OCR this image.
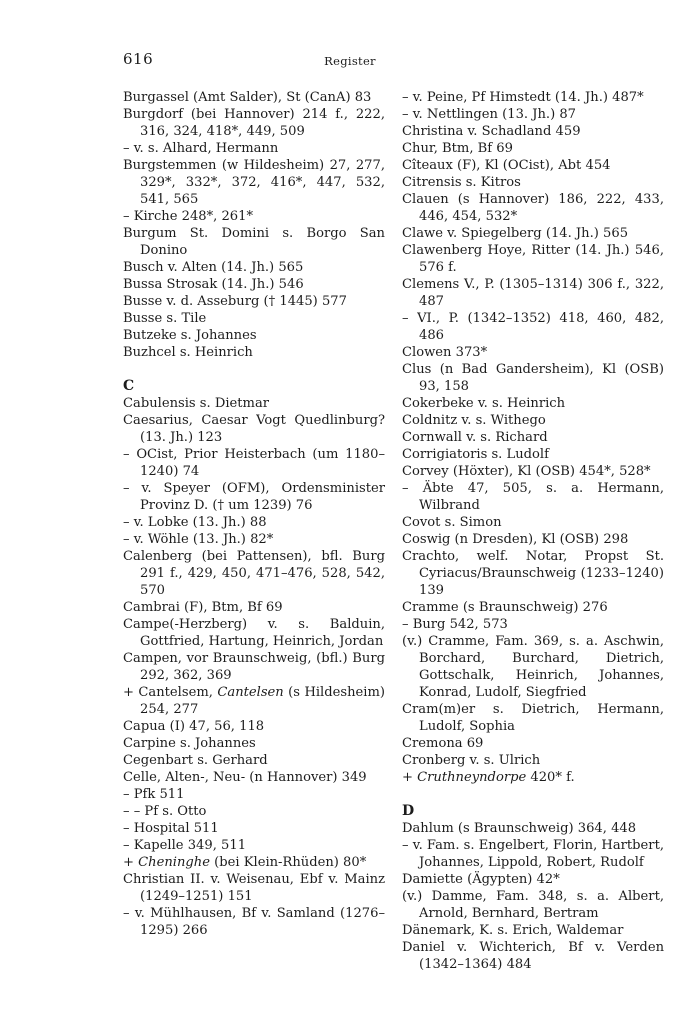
616	Register
Burgassel (Amt Salder), St (CanA) 83
Burgdorf (bei Hannover) 214 f., 222, 316, 324, 418*, 449, 509
– v. s. Alhard, Hermann
Burgstemmen (w Hildesheim) 27, 277, 329*, 332*, 372, 416*, 447, 532, 541, 565
– Kirche 248*, 261*
Burgum St. Domini s. Borgo San Donino
Busch v. Alten (14. Jh.) 565
Bussa Strosak (14. Jh.) 546
Busse v. d. Asseburg († 1445) 577
Busse s. Tile
Butzeke s. Johannes
Buzhcel s. Heinrich
C
Cabulensis s. Dietmar
Caesarius, Caesar Vogt Quedlinburg? (13. Jh.) 123
– OCist, Prior Heisterbach (um 1180–1240) 74
– v. Speyer (OFM), Ordensminister Provinz D. († um 1239) 76
– v. Lobke (13. Jh.) 88
– v. Wöhle (13. Jh.) 82*
Calenberg (bei Pattensen), bfl. Burg 291 f., 429, 450, 471–476, 528, 542, 570
Cambrai (F), Btm, Bf 69
Campe(-Herzberg) v. s. Balduin, Gottfried, Hartung, Heinrich, Jordan
Campen, vor Braunschweig, (bfl.) Burg 292, 362, 369
+ Cantelsem, Cantelsen (s Hildesheim) 254, 277
Capua (I) 47, 56, 118
Carpine s. Johannes
Cegenbart s. Gerhard
Celle, Alten-, Neu- (n Hannover) 349
– Pfk 511
– – Pf s. Otto
– Hospital 511
– Kapelle 349, 511
+ Cheninghe (bei Klein-Rhüden) 80*
Christian II. v. Weisenau, Ebf v. Mainz (1249–1251) 151
– v. Mühlhausen, Bf v. Samland (1276–1295) 266
– v. Peine, Pf Himstedt (14. Jh.) 487*
– v. Nettlingen (13. Jh.) 87
Christina v. Schadland 459
Chur, Btm, Bf 69
Cîteaux (F), Kl (OCist), Abt 454
Citrensis s. Kitros
Clauen (s Hannover) 186, 222, 433, 446, 454, 532*
Clawe v. Spiegelberg (14. Jh.) 565
Clawenberg Hoye, Ritter (14. Jh.) 546, 576 f.
Clemens V., P. (1305–1314) 306 f., 322, 487
– VI., P. (1342–1352) 418, 460, 482, 486
Clowen 373*
Clus (n Bad Gandersheim), Kl (OSB) 93, 158
Cokerbeke v. s. Heinrich
Coldnitz v. s. Withego
Cornwall v. s. Richard
Corrigiatoris s. Ludolf
Corvey (Höxter), Kl (OSB) 454*, 528*
– Äbte 47, 505, s. a. Hermann, Wilbrand
Covot s. Simon
Coswig (n Dresden), Kl (OSB) 298
Crachto, welf. Notar, Propst St. Cyriacus/Braunschweig (1233–1240) 139
Cramme (s Braunschweig) 276
– Burg 542, 573
(v.) Cramme, Fam. 369, s. a. Aschwin, Borchard, Burchard, Dietrich, Gottschalk, Heinrich, Johannes, Konrad, Ludolf, Siegfried
Cram(m)er s. Dietrich, Hermann, Ludolf, Sophia
Cremona 69
Cronberg v. s. Ulrich
+ Cruthneyndorpe 420* f.
D
Dahlum (s Braunschweig) 364, 448
– v. Fam. s. Engelbert, Florin, Hartbert, Johannes, Lippold, Robert, Rudolf
Damiette (Ägypten) 42*
(v.) Damme, Fam. 348, s. a. Albert, Arnold, Bernhard, Bertram
Dänemark, K. s. Erich, Waldemar
Daniel v. Wichterich, Bf v. Verden (1342–1364) 484
